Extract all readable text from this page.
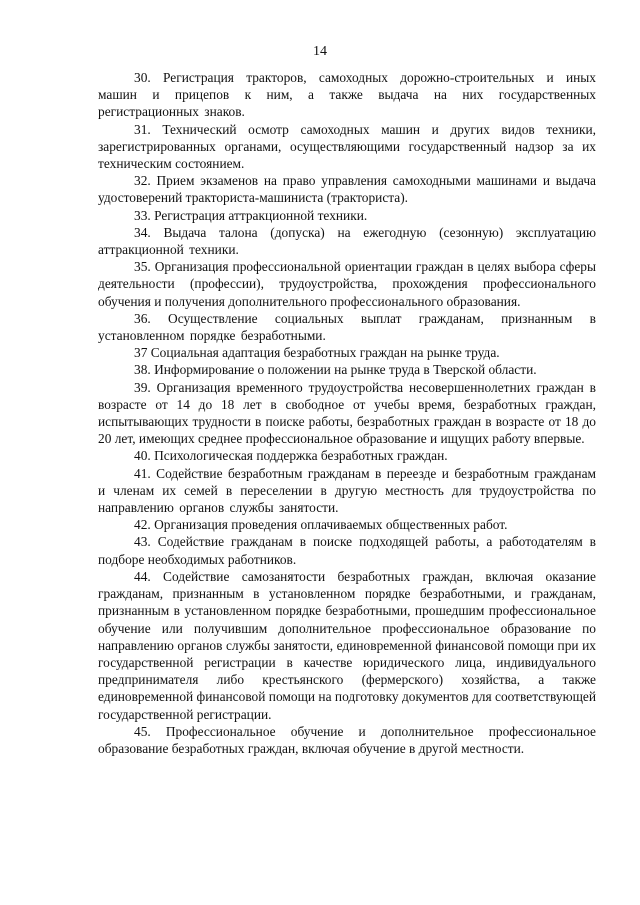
14

30. Регистрация тракторов, самоходных дорожно-строительных и иных машин и прицепов к ним, а также выдача на них государственных регистрационных знаков.

31. Технический осмотр самоходных машин и других видов техники, зарегистрированных органами, осуществляющими государственный надзор за их техническим состоянием.

32. Прием экзаменов на право управления самоходными машинами и выдача удостоверений тракториста-машиниста (тракториста).

33. Регистрация аттракционной техники.

34. Выдача талона (допуска) на ежегодную (сезонную) эксплуатацию аттракционной техники.

35. Организация профессиональной ориентации граждан в целях выбора сферы деятельности (профессии), трудоустройства, прохождения профессионального обучения и получения дополнительного профессионального образования.

36. Осуществление социальных выплат гражданам, признанным в установленном порядке безработными.

37 Социальная адаптация безработных граждан на рынке труда.

38. Информирование о положении на рынке труда в Тверской области.

39. Организация временного трудоустройства несовершеннолетних граждан в возрасте от 14 до 18 лет в свободное от учебы время, безработных граждан, испытывающих трудности в поиске работы, безработных граждан в возрасте от 18 до 20 лет, имеющих среднее профессиональное образование и ищущих работу впервые.

40. Психологическая поддержка безработных граждан.

41. Содействие безработным гражданам в переезде и безработным гражданам и членам их семей в переселении в другую местность для трудоустройства по направлению органов службы занятости.

42. Организация проведения оплачиваемых общественных работ.

43. Содействие гражданам в поиске подходящей работы, а работодателям в подборе необходимых работников.

44. Содействие самозанятости безработных граждан, включая оказание гражданам, признанным в установленном порядке безработными, и гражданам, признанным в установленном порядке безработными, прошедшим профессиональное обучение или получившим дополнительное профессиональное образование по направлению органов службы занятости, единовременной финансовой помощи при их государственной регистрации в качестве юридического лица, индивидуального предпринимателя либо крестьянского (фермерского) хозяйства, а также единовременной финансовой помощи на подготовку документов для соответствующей государственной регистрации.

45. Профессиональное обучение и дополнительное профессиональное образование безработных граждан, включая обучение в другой местности.
